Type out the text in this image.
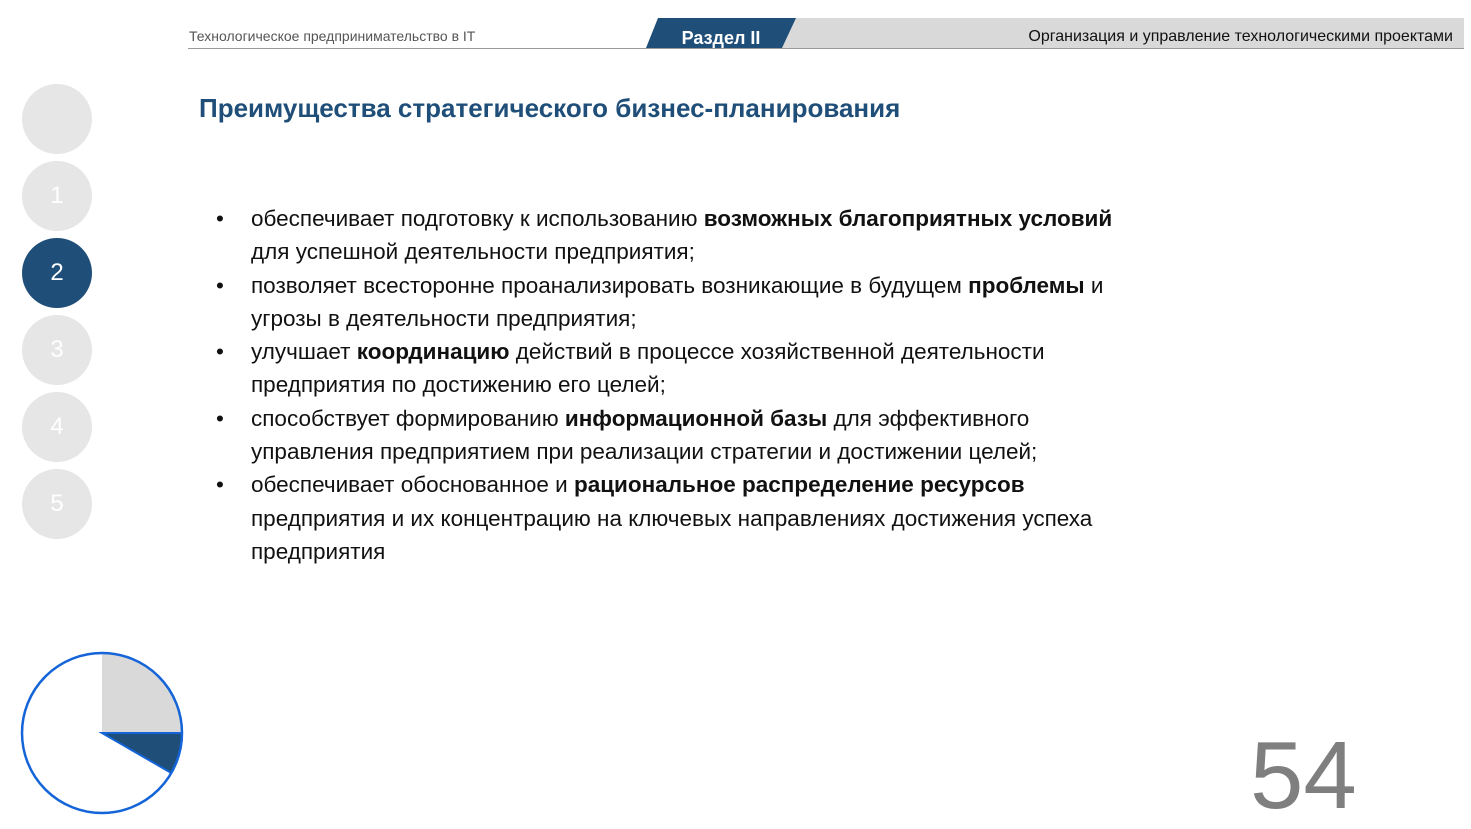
Технологическое предпринимательство в IT	Раздел II	Организация и управление технологическими проектами
Преимущества стратегического бизнес-планирования
1
2
3
4
5
• обеспечивает подготовку к использованию возможных благоприятных условий для успешной деятельности предприятия;
• позволяет всесторонне проанализировать возникающие в будущем проблемы и угрозы в деятельности предприятия;
• улучшает координацию действий в процессе хозяйственной деятельности предприятия по достижению его целей;
• способствует формированию информационной базы для эффективного управления предприятием при реализации стратегии и достижении целей;
• обеспечивает обоснованное и рациональное распределение ресурсов предприятия и их концентрацию на ключевых направлениях достижения успеха предприятия
54
